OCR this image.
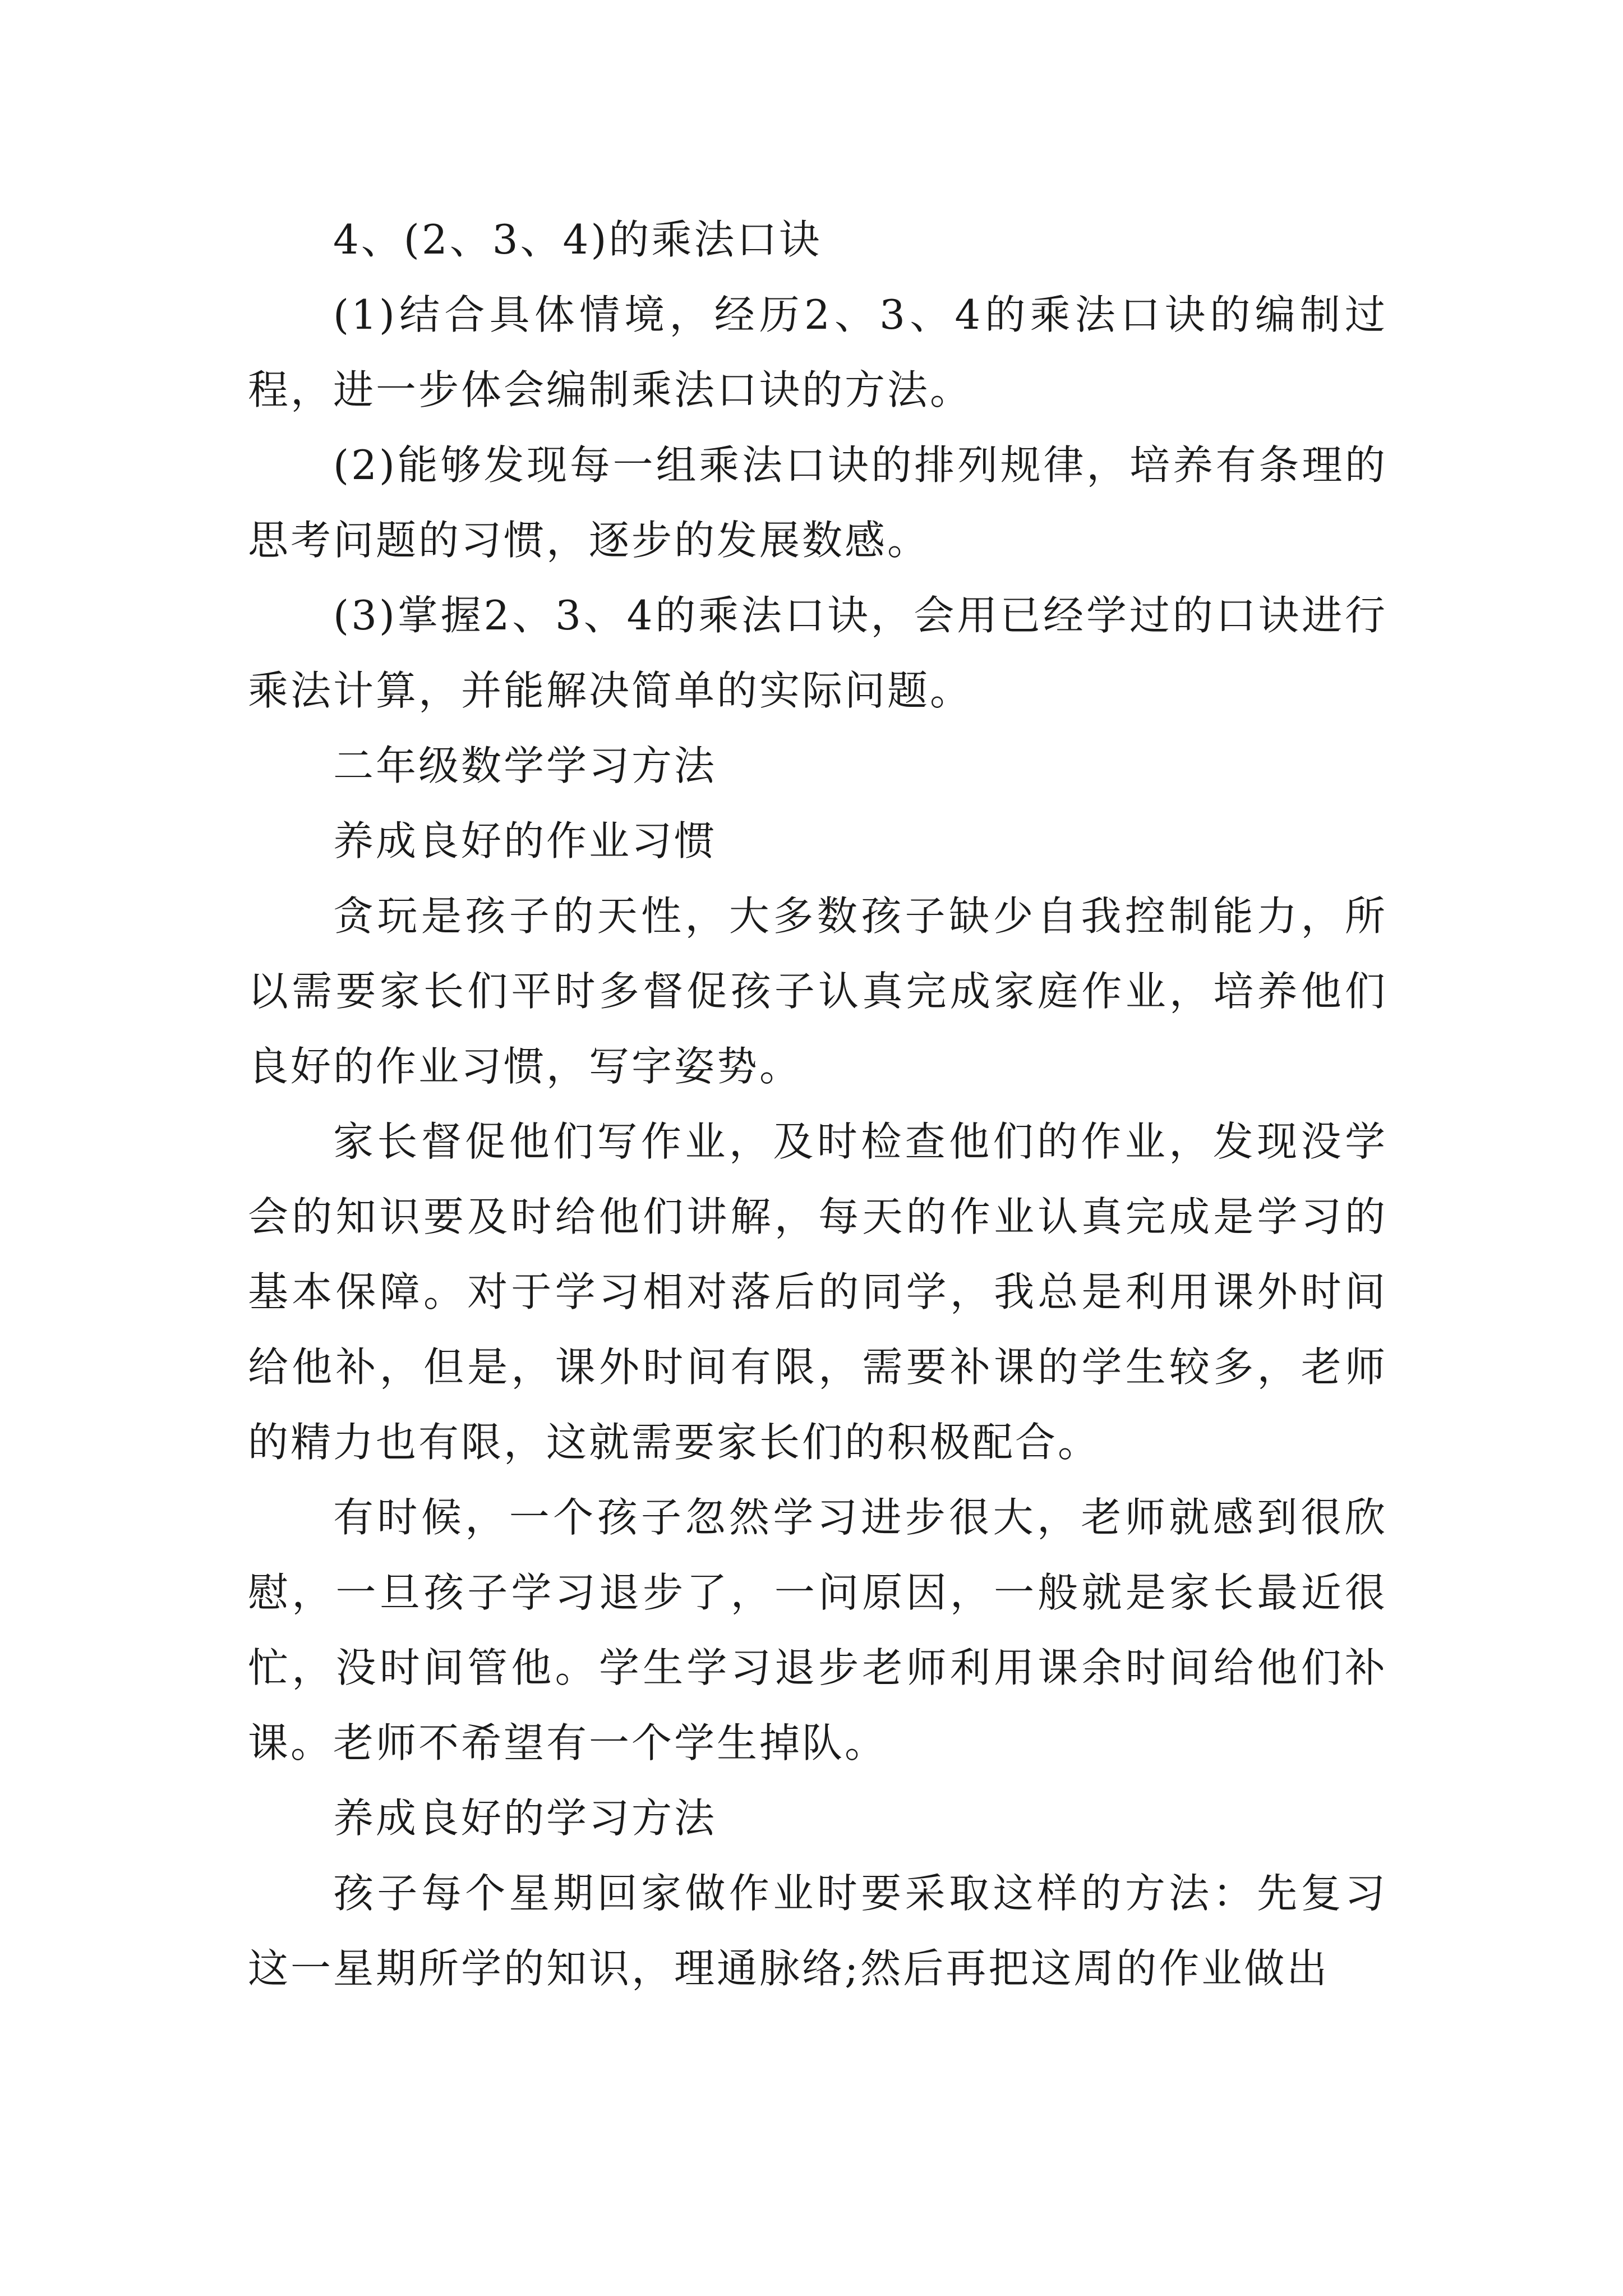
4、(2、3、4)的乘法口诀

(1)结合具体情境，经历2、3、4的乘法口诀的编制过程，进一步体会编制乘法口诀的方法。

(2)能够发现每一组乘法口诀的排列规律，培养有条理的思考问题的习惯，逐步的发展数感。

(3)掌握2、3、4的乘法口诀，会用已经学过的口诀进行乘法计算，并能解决简单的实际问题。

二年级数学学习方法

养成良好的作业习惯

贪玩是孩子的天性，大多数孩子缺少自我控制能力，所以需要家长们平时多督促孩子认真完成家庭作业，培养他们良好的作业习惯，写字姿势。

家长督促他们写作业，及时检查他们的作业，发现没学会的知识要及时给他们讲解，每天的作业认真完成是学习的基本保障。对于学习相对落后的同学，我总是利用课外时间给他补，但是，课外时间有限，需要补课的学生较多，老师的精力也有限，这就需要家长们的积极配合。

有时候，一个孩子忽然学习进步很大，老师就感到很欣慰，一旦孩子学习退步了，一问原因，一般就是家长最近很忙，没时间管他。学生学习退步老师利用课余时间给他们补课。老师不希望有一个学生掉队。

养成良好的学习方法

孩子每个星期回家做作业时要采取这样的方法：先复习这一星期所学的知识，理通脉络;然后再把这周的作业做出
